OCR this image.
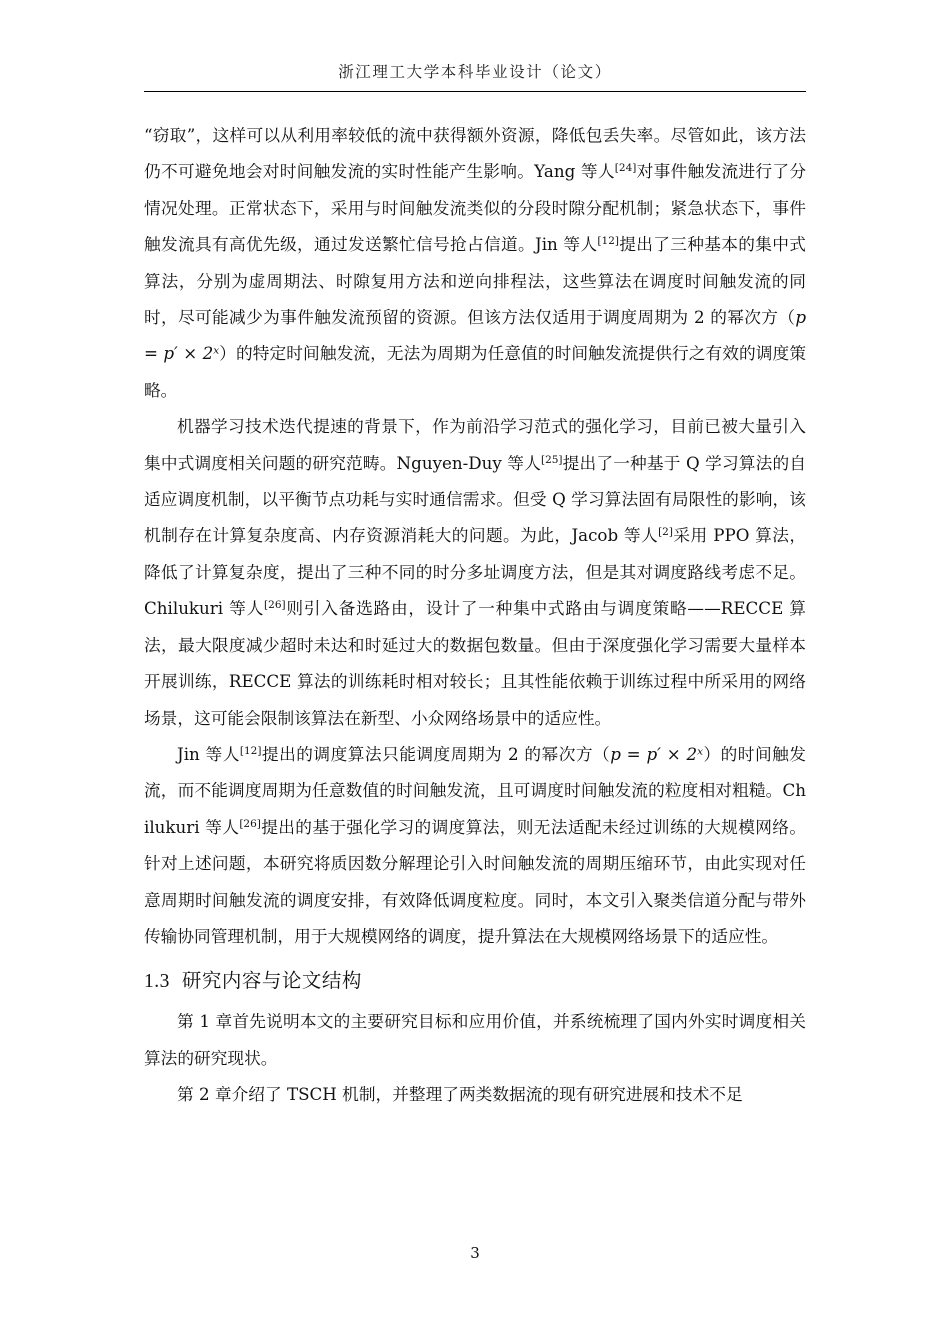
浙江理工大学本科毕业设计（论文）

“窃取”，这样可以从利用率较低的流中获得额外资源，降低包丢失率。尽管如此，该方法仍不可避免地会对时间触发流的实时性能产生影响。Yang 等人[24]对事件触发流进行了分情况处理。正常状态下，采用与时间触发流类似的分段时隙分配机制；紧急状态下，事件触发流具有高优先级，通过发送繁忙信号抢占信道。Jin 等人[12]提出了三种基本的集中式算法，分别为虚周期法、时隙复用方法和逆向排程法，这些算法在调度时间触发流的同时，尽可能减少为事件触发流预留的资源。但该方法仅适用于调度周期为 2 的幂次方（p = p′ × 2ˣ）的特定时间触发流，无法为周期为任意值的时间触发流提供行之有效的调度策略。

机器学习技术迭代提速的背景下，作为前沿学习范式的强化学习，目前已被大量引入集中式调度相关问题的研究范畴。Nguyen-Duy 等人[25]提出了一种基于 Q 学习算法的自适应调度机制，以平衡节点功耗与实时通信需求。但受 Q 学习算法固有局限性的影响，该机制存在计算复杂度高、内存资源消耗大的问题。为此，Jacob 等人[2]采用 PPO 算法，降低了计算复杂度，提出了三种不同的时分多址调度方法，但是其对调度路线考虑不足。Chilukuri 等人[26]则引入备选路由，设计了一种集中式路由与调度策略——RECCE 算法，最大限度减少超时未达和时延过大的数据包数量。但由于深度强化学习需要大量样本开展训练，RECCE 算法的训练耗时相对较长；且其性能依赖于训练过程中所采用的网络场景，这可能会限制该算法在新型、小众网络场景中的适应性。

Jin 等人[12]提出的调度算法只能调度周期为 2 的幂次方（p = p′ × 2ˣ）的时间触发流，而不能调度周期为任意数值的时间触发流，且可调度时间触发流的粒度相对粗糙。Chilukuri 等人[26]提出的基于强化学习的调度算法，则无法适配未经过训练的大规模网络。针对上述问题，本研究将质因数分解理论引入时间触发流的周期压缩环节，由此实现对任意周期时间触发流的调度安排，有效降低调度粒度。同时，本文引入聚类信道分配与带外传输协同管理机制，用于大规模网络的调度，提升算法在大规模网络场景下的适应性。

1.3 研究内容与论文结构

第 1 章首先说明本文的主要研究目标和应用价值，并系统梳理了国内外实时调度相关算法的研究现状。

第 2 章介绍了 TSCH 机制，并整理了两类数据流的现有研究进展和技术不足

3
